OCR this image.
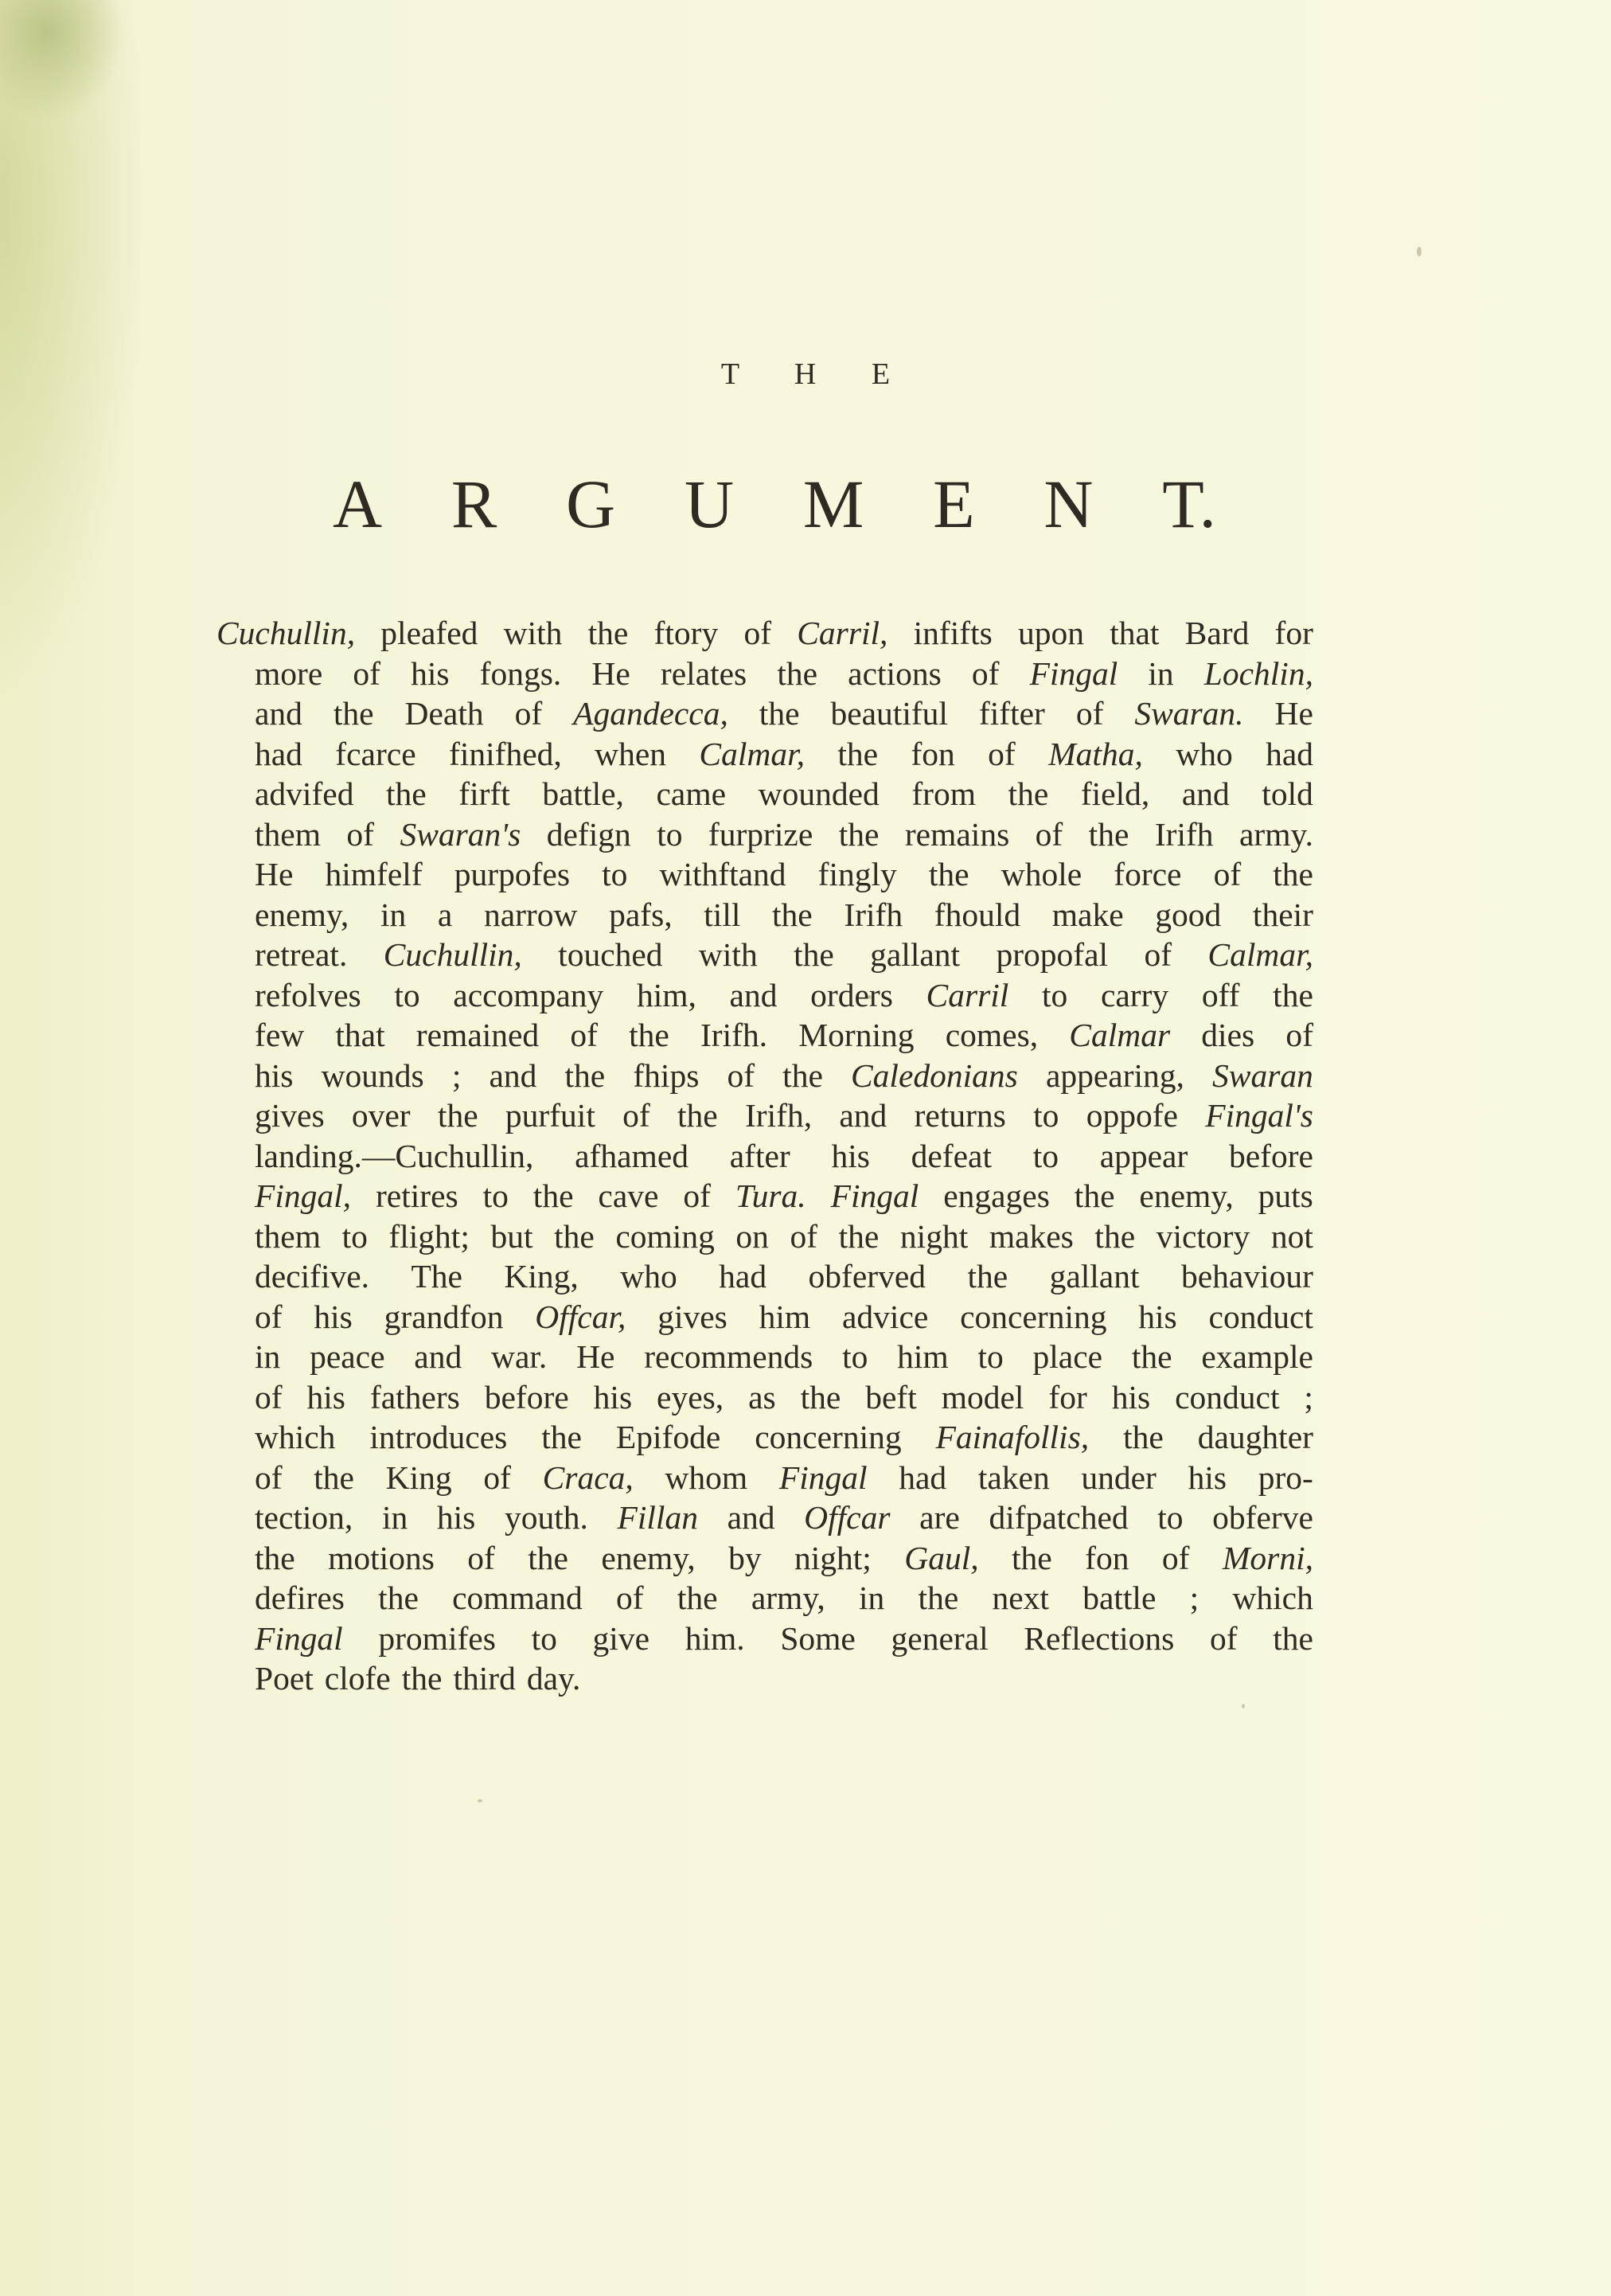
T H E
A R G U M E N T.
Cuchullin, pleafed with the ftory of Carril, infifts upon that Bard for
more of his fongs. He relates the actions of Fingal in Lochlin,
and the Death of Agandecca, the beautiful fifter of Swaran. He
had fcarce finifhed, when Calmar, the fon of Matha, who had
advifed the firft battle, came wounded from the field, and told
them of Swaran's defign to furprize the remains of the Irifh army.
He himfelf purpofes to withftand fingly the whole force of the
enemy, in a narrow pafs, till the Irifh fhould make good their
retreat. Cuchullin, touched with the gallant propofal of Calmar,
refolves to accompany him, and orders Carril to carry off the
few that remained of the Irifh. Morning comes, Calmar dies of
his wounds ; and the fhips of the Caledonians appearing, Swaran
gives over the purfuit of the Irifh, and returns to oppofe Fingal's
landing.—Cuchullin, afhamed after his defeat to appear before
Fingal, retires to the cave of Tura. Fingal engages the enemy, puts
them to flight; but the coming on of the night makes the victory not
decifive. The King, who had obferved the gallant behaviour
of his grandfon Offcar, gives him advice concerning his conduct
in peace and war. He recommends to him to place the example
of his fathers before his eyes, as the beft model for his conduct ;
which introduces the Epifode concerning Fainafollis, the daughter
of the King of Craca, whom Fingal had taken under his pro-
tection, in his youth. Fillan and Offcar are difpatched to obferve
the motions of the enemy, by night; Gaul, the fon of Morni,
defires the command of the army, in the next battle ; which
Fingal promifes to give him. Some general Reflections of the
Poet clofe the third day.
